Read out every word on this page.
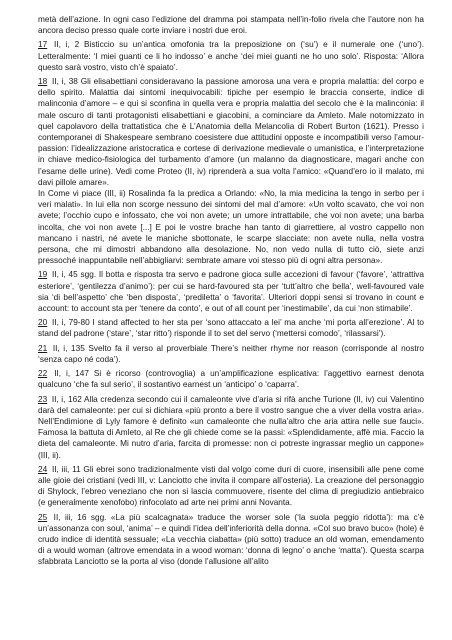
metà dell’azione. In ogni caso l’edizione del dramma poi stampata nell’in-folio rivela che l’autore non ha ancora deciso presso quale corte inviare i nostri due eroi.

17 II, i, 2 Bisticcio su un’antica omofonia tra la preposizione on (‘su’) e il numerale one (‘uno’). Letteralmente: ‘I miei guanti ce li ho indosso’ e anche ‘dei miei guanti ne ho uno solo’. Risposta: ‘Allora questo sarà vostro, visto ch’è spaiato’.

18 II, i, 38 Gli elisabettiani consideravano la passione amorosa una vera e propria malattia: del corpo e dello spirito. Malattia dai sintomi inequivocabili: tipiche per esempio le braccia conserte, indice di malinconia d’amore – e qui si sconfina in quella vera e propria malattia del secolo che è la malinconia: il male oscuro di tanti protagonisti elisabettiani e giacobini, a cominciare da Amleto. Male notomizzato in quel capolavoro della trattatistica che è L’Anatomia della Melancolia di Robert Burton (1621). Presso i contemporanei di Shakespeare sembrano coesistere due attitudini opposte e incompatibili verso l’amour-passion: l’idealizzazione aristocratica e cortese di derivazione medievale o umanistica, e l’interpretazione in chiave medico-fisiologica del turbamento d’amore (un malanno da diagnosticare, magari anche con l’esame delle urine). Vedi come Proteo (II, iv) riprenderà a sua volta l’amico: «Quand’ero io il malato, mi davi pillole amare».

In Come vi piace (III, ii) Rosalinda fa la predica a Orlando: «No, la mia medicina la tengo in serbo per i veri malati». In lui ella non scorge nessuno dei sintomi del mal d’amore: «Un volto scavato, che voi non avete; l’occhio cupo e infossato, che voi non avete; un umore intrattabile, che voi non avete; una barba incolta, che voi non avete [...] E poi le vostre brache han tanto di giarrettiere, al vostro cappello non mancano i nastri, né avete le maniche sbottonate, le scarpe slacciate: non avete nulla, nella vostra persona, che mi dimostri abbandono alla desolazione. No, non vedo nulla di tutto ciò, siete anzi pressoché inappuntabile nell’abbigliarvi: sembrate amare voi stesso più di ogni altra persona».

19 II, i, 45 sgg. Il botta e risposta tra servo e padrone gioca sulle accezioni di favour (‘favore’, ‘attrattiva esteriore’, ‘gentilezza d’animo’): per cui se hard-favoured sta per ‘tutt’altro che bella’, well-favoured vale sia ‘di bell’aspetto’ che ‘ben disposta’, ‘prediletta’ o ‘favorita’. Ulteriori doppi sensi si trovano in count e account: to account sta per ‘tenere da conto’, e out of all count per ‘inestimabile’, da cui ‘non stimabile’.

20 II, i, 79-80 I stand affected to her sta per ‘sono attaccato a lei’ ma anche ‘mi porta all’erezione’. Al to stand del padrone (‘stare’, ‘star ritto’) risponde il to set del servo (‘mettersi comodo’, ‘rilassarsi’).

21 II, i, 135 Svelto fa il verso al proverbiale There’s neither rhyme nor reason (corrisponde al nostro ‘senza capo né coda’).

22 II, i, 147 Si è ricorso (controvoglia) a un’amplificazione esplicativa: l’aggettivo earnest denota qualcuno ‘che fa sul serio’, il sostantivo earnest un ‘anticipo’ o ‘caparra’.

23 II, i, 162 Alla credenza secondo cui il camaleonte vive d’aria si rifà anche Turione (II, iv) cui Valentino darà del camaleonte: per cui si dichiara «più pronto a bere il vostro sangue che a viver della vostra aria». Nell’Endimione di Lyly famore è definito «un camaleonte che nulla’altro che aria attira nelle sue fauci». Famosa la battuta di Amleto, al Re che gli chiede come se la passi: «Splendidamente, affè mia. Faccio la dieta del camaleonte. Mi nutro d’aria, farcita di promesse: non ci potreste ingrassar meglio un cappone» (III, ii).

24 II, iii, 11 Gli ebrei sono tradizionalmente visti dal volgo come duri di cuore, insensibili alle pene come alle gioie dei cristiani (vedi III, v: Lanciotto che invita il compare all’osteria). La creazione del personaggio di Shylock, l’ebreo veneziano che non si lascia commuovere, risente del clima di pregiudizio antiebraico (e generalmente xenofobo) rinfocolato ad arte nei primi anni Novanta.

25 II, iii, 16 sgg. «La più scalcagnata» traduce the worser sole (‘la suola peggio ridotta’): ma c’è un’assonanza con soul, ‘anima’ – e quindi l’idea dell’inferiorità della donna. «Col suo bravo buco» (hole) è crudo indice di identità sessuale; «La vecchia ciabatta» (più sotto) traduce an old woman, emendamento di a would woman (altrove emendata in a wood woman: ‘donna di legno’ o anche ‘matta’). Questa scarpa sfabbrata Lanciotto se la porta al viso (donde l’allusione all’alito
